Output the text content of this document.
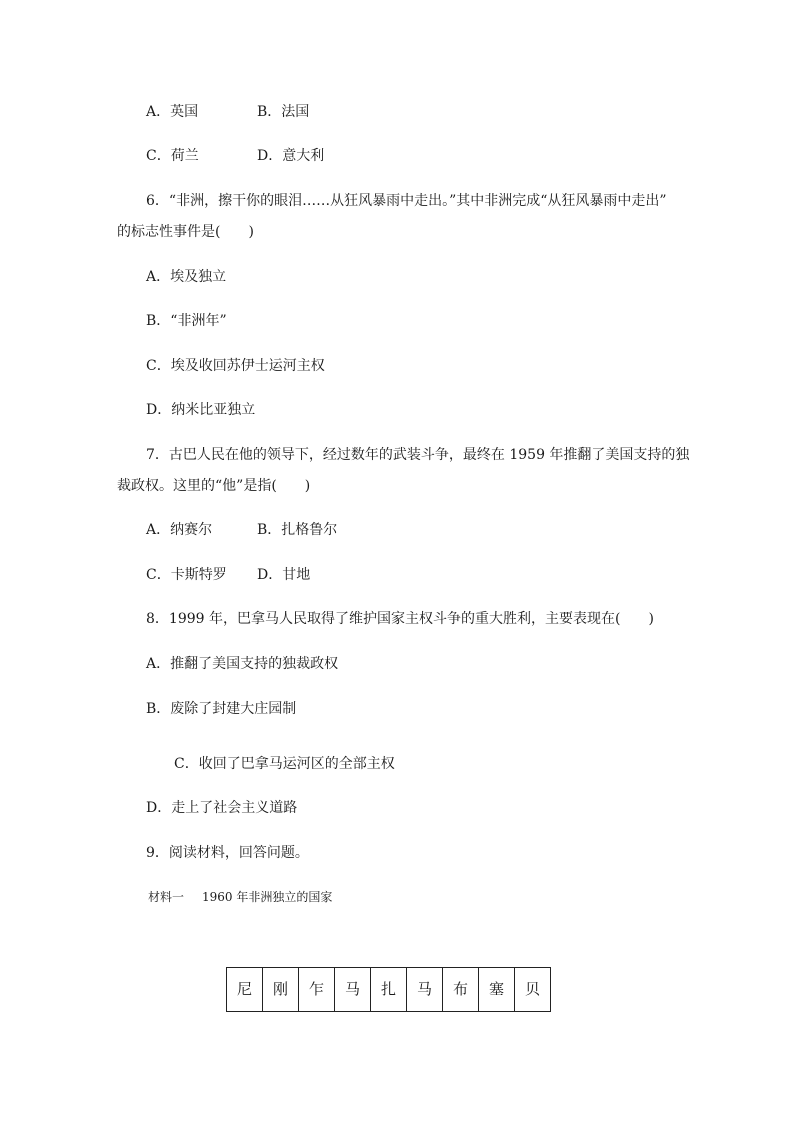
A．英国	B．法国
C．荷兰	D．意大利
6．“非洲，擦干你的眼泪……从狂风暴雨中走出。”其中非洲完成“从狂风暴雨中走出”
的标志性事件是(　　)
A．埃及独立
B．“非洲年”
C．埃及收回苏伊士运河主权
D．纳米比亚独立
7．古巴人民在他的领导下，经过数年的武装斗争，最终在 1959 年推翻了美国支持的独
裁政权。这里的“他”是指(　　)
A．纳赛尔	B．扎格鲁尔
C．卡斯特罗 D．甘地
8．1999 年，巴拿马人民取得了维护国家主权斗争的重大胜利，主要表现在(　　)
A．推翻了美国支持的独裁政权
B．废除了封建大庄园制
C．收回了巴拿马运河区的全部主权
D．走上了社会主义道路
9．阅读材料，回答问题。
材料一 1960 年非洲独立的国家
尼	刚	乍	马	扎	马	布	塞	贝
